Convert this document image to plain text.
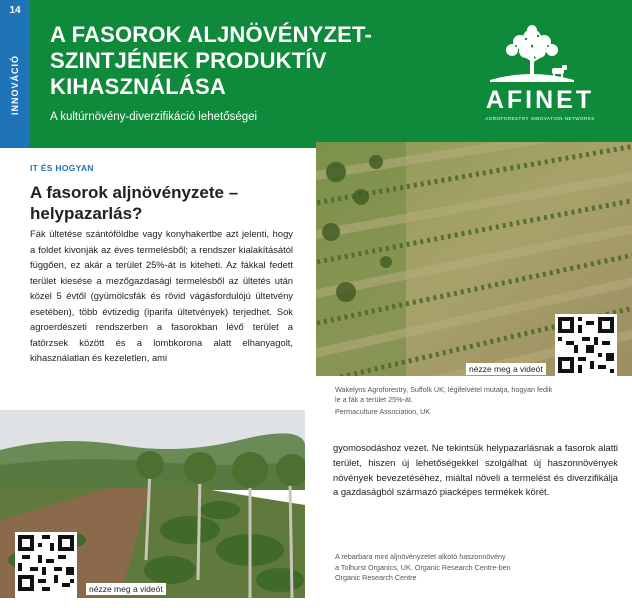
14
INNOVÁCIÓ
A FASOROK ALJNÖVÉNYZET-
SZINTJÉNEK PRODUKTÍV
KIHASZNÁLÁSA
A kultúrnövény-diverzifikáció lehetőségei
AFINET
AGROFORESTRY INNOVATION NETWORKS
IT ÉS HOGYAN
A fasorok aljnövényzete – helypazarlás?
Fák ültetése szántóföldbe vagy konyhakertbe azt jelenti, hogy a foldet kivonják az éves termelésből; a rendszer kialakításától függően, ez akár a terület 25%-át is kiteheti. Az fákkal fedett terület kiesése a mezőgazdasági termelésből az ültetés után közel 5 évtől (gyümölcsfák és rövid vágásfordulójú ültetvény esetében), több évtizedig (iparifa ültetvények) terjedhet. Sok agroerdészeti rendszerben a fasorokban lévő terület a fatörzsek között és a lombkorona alatt elhanyagolt, kihasználatlan és kezeletlen, ami
nézze meg a videót
Wakelyns Agroforestry, Suffolk UK; légifelvétel mutatja, hogyan fedik
le a fák a terület 25%-át.
Permaculture Association, UK
nézze meg a videót
gyomosodáshoz vezet. Ne tekintsük helypazarlásnak a fasorok alatti terület, hiszen új lehetőségekkel szolgálhat új haszonnövények növények bevezetéséhez, miáltal növeli a termelést és diverzifikálja a gazdaságból származó piacképes termékek körét.
A rebarbara mint aljnövényzetet alkotó haszonnövény
a Tolhurst Organics, UK. Organic Research Centre-ben
Organic Research Centre
